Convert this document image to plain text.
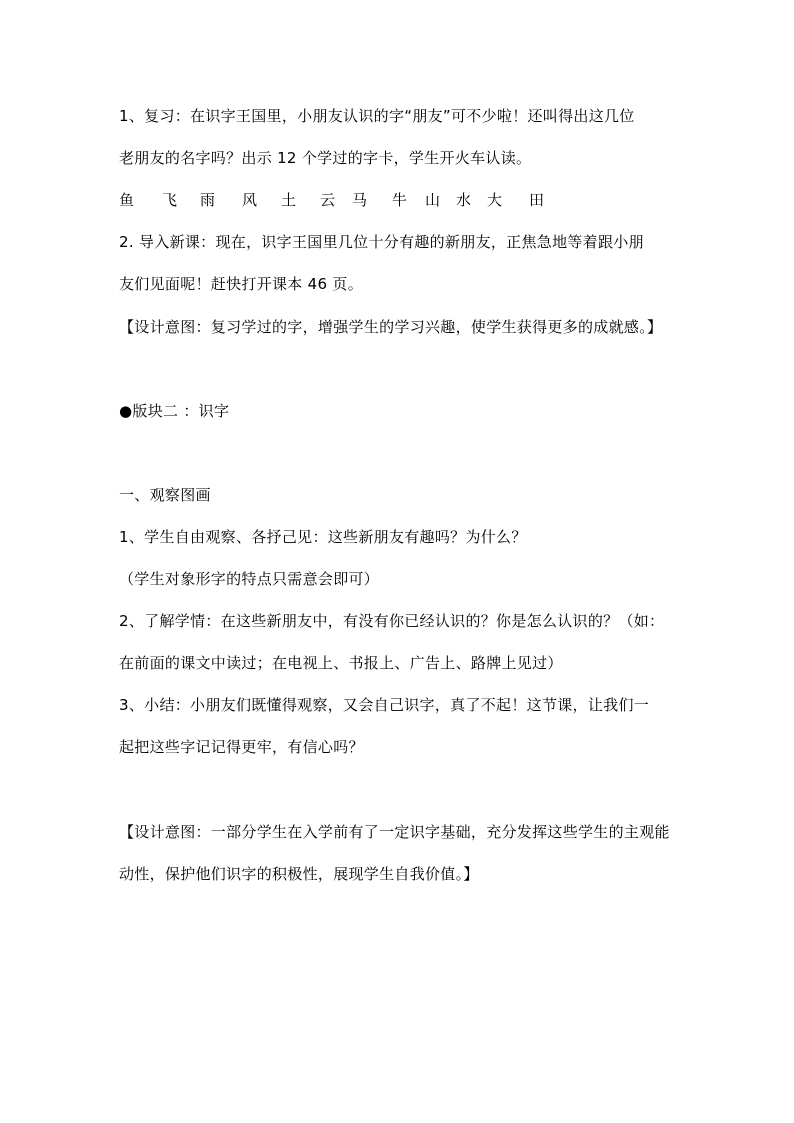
1、复习：在识字王国里，小朋友认识的字“朋友”可不少啦！还叫得出这几位
老朋友的名字吗？出示 12 个学过的字卡，学生开火车认读。
鱼 飞 雨 风 土 云 马 牛 山 水 大 田
2. 导入新课：现在，识字王国里几位十分有趣的新朋友，正焦急地等着跟小朋
友们见面呢！赶快打开课本 46 页。
【设计意图：复习学过的字，增强学生的学习兴趣，使学生获得更多的成就感。】
●版块二 ：识字
一、观察图画
1、学生自由观察、各抒己见：这些新朋友有趣吗？为什么？
（学生对象形字的特点只需意会即可）
2、了解学情：在这些新朋友中，有没有你已经认识的？你是怎么认识的？（如：
在前面的课文中读过；在电视上、书报上、广告上、路牌上见过）
3、小结：小朋友们既懂得观察，又会自己识字，真了不起！这节课，让我们一
起把这些字记记得更牢，有信心吗？
【设计意图：一部分学生在入学前有了一定识字基础，充分发挥这些学生的主观能
动性，保护他们识字的积极性，展现学生自我价值。】
